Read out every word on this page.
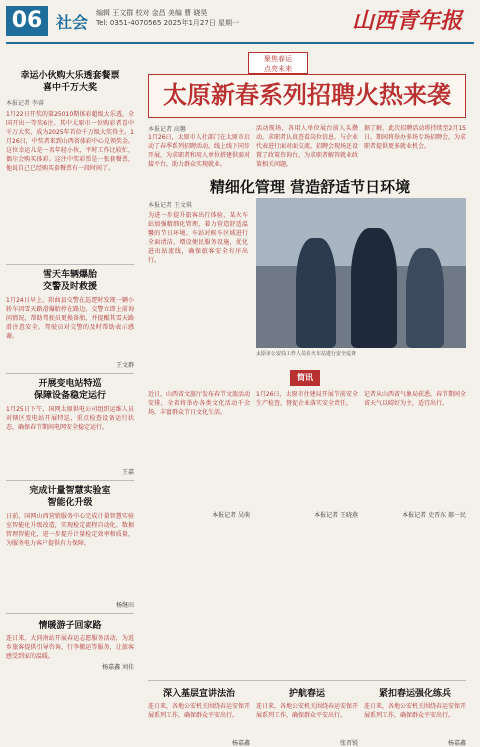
06 社会 编辑 王文群 校对 金昌 美编 曹 晓昊
Tel: 0351-4070565 2025年1月27日 星期一	山西青年报
幸运小伙购大乐透套餐票
喜中千万大奖
本报记者 李睿
1月22日开奖的第25010期体彩超级大乐透，全国开出一等奖6注。其中太原市一位购彩者喜中千万大奖，成为2025年首位千万级大奖得主。1月26日，中奖者来到山西省体彩中心兑领奖金。这位幸运儿是一名年轻小伙，平时工作比较忙，偶尔会购买体彩。这注中奖彩票是一张套餐票，他说自己已经购买套餐票有一段时间了。
雪天车辆爆胎
交警及时救援
1月24日早上，阳曲县交警在巡逻时发现一辆小轿车因雪天路滑爆胎停在路边。交警立即上前询问情况，帮助驾驶员更换备胎，并提醒其雪天路滑注意安全。驾驶员对交警的及时帮助表示感谢。
王文群
开展变电站特巡
保障设备稳定运行
1月25日下午，国网太原供电公司组织运维人员对辖区变电站开展特巡，重点检查设备运行状态，确保春节期间电网安全稳定运行。
王嘉
完成计量智慧实验室
智能化升级
日前，国网山西营销服务中心完成计量智慧实验室智能化升级改造，实现检定流程自动化、数据管理智能化，进一步提升计量检定效率和质量，为服务电力客户提供有力保障。
杨继田
情暖游子回家路
连日来，大同南站开展春运志愿服务活动，为返乡旅客提供引导咨询、行李搬运等服务，让旅客感受到家的温暖。
杨嘉鑫 刘佳
聚焦春运
点亮未来
太原新春系列招聘火热来袭
本报记者 高馨
1月26日，太原市人社部门在太原市启动了春季系列招聘活动。线上线下同步开展，为求职者和用人单位搭建供需对接平台，助力群众实现就业。
活动现场，各用人单位展台前人头攒动，求职者认真查看岗位信息，与企业代表进行面对面交流。招聘会现场还设置了政策咨询台，为求职者解答就业政策相关问题。
据了解，此次招聘活动将持续至2月15日，期间将举办多场专场招聘会，为求职者提供更多就业机会。
精细化管理 营造舒适节日环境
本报记者 王文琪
为进一步提升旅客出行体验，某火车站加强精细化管理，着力营造舒适温馨的节日环境。车站对候车区域进行全面清洁，增设便民服务设施，优化进出站流线，确保旅客安全有序出行。
太原市公安局工作人员在火车站进行安全巡查
简讯
近日，山西省文旅厅发布春节文旅活动安排，全省将举办各类文化活动千余场，丰富群众节日文化生活。
本报记者 吴萌
1月26日，太原市住建局开展节前安全生产检查，督促企业落实安全责任。
本报记者 王晓燕
记者从山西省气象局获悉，春节期间全省天气以晴好为主，适宜出行。
本报记者 史晋东 郝一民
深入基层宣讲法治
连日来，各地公安机关围绕春运安保开展系列工作，确保群众平安出行。
杨嘉鑫
护航春运
连日来，各地公安机关围绕春运安保开展系列工作，确保群众平安出行。
张晋锐
紧扣春运强化练兵
连日来，各地公安机关围绕春运安保开展系列工作，确保群众平安出行。
杨嘉鑫
